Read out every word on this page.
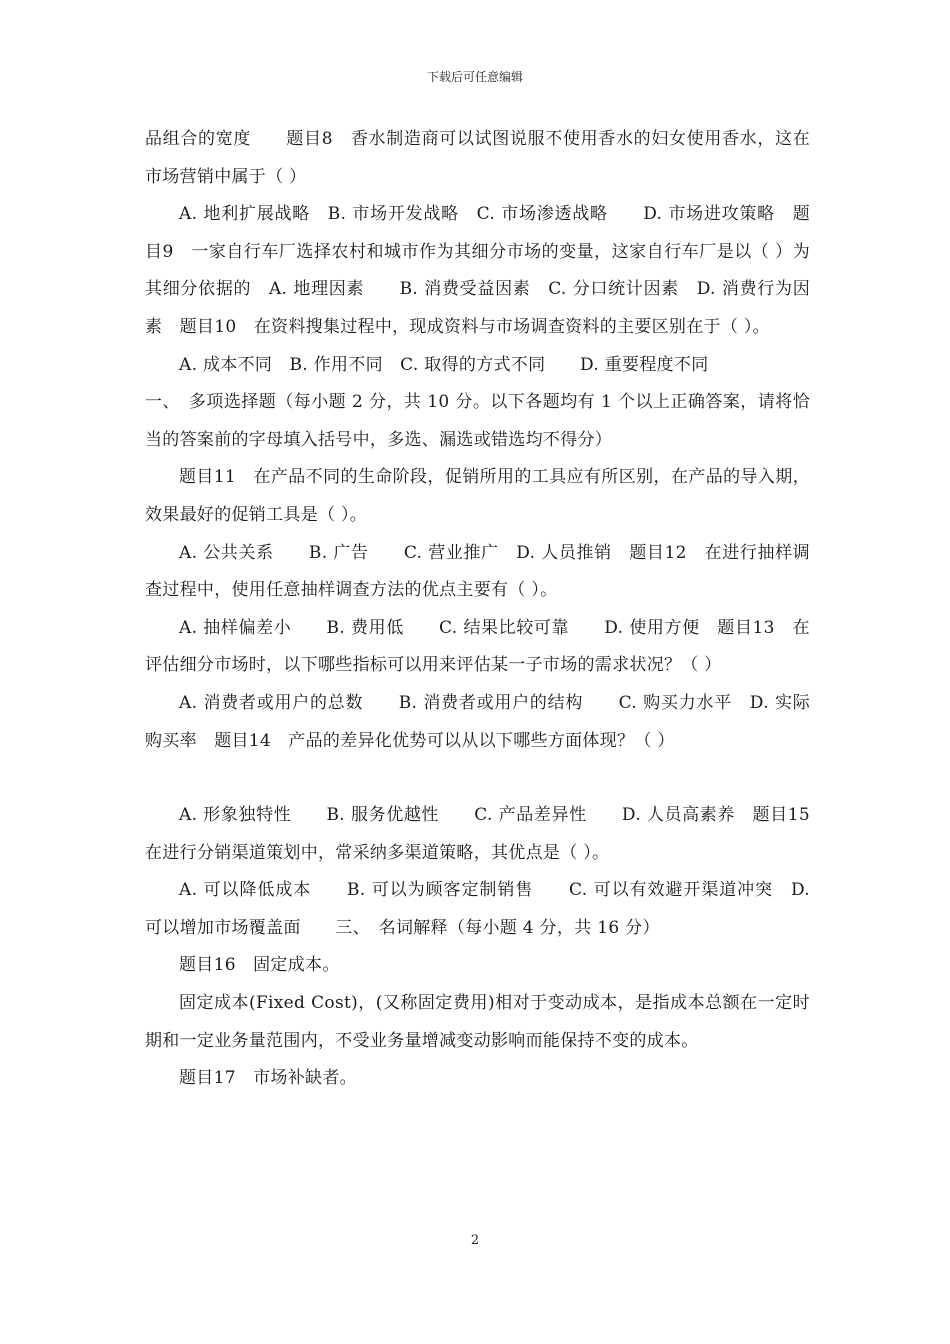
下载后可任意编辑

品组合的宽度　　题目8　香水制造商可以试图说服不使用香水的妇女使用香水，这在市场营销中属于（ ）

A. 地利扩展战略　B. 市场开发战略　C. 市场渗透战略　　D. 市场进攻策略　题目9　一家自行车厂选择农村和城市作为其细分市场的变量，这家自行车厂是以（ ）为其细分依据的　A. 地理因素　　B. 消费受益因素　C. 分口统计因素　D. 消费行为因素　题目10　在资料搜集过程中，现成资料与市场调查资料的主要区别在于（ ）。

A. 成本不同　B. 作用不同　C. 取得的方式不同　　D. 重要程度不同

一、　多项选择题（每小题 2 分，共 10 分。以下各题均有 1 个以上正确答案，请将恰当的答案前的字母填入括号中，多选、漏选或错选均不得分）

题目11　在产品不同的生命阶段，促销所用的工具应有所区别，在产品的导入期，效果最好的促销工具是（ ）。

A. 公共关系　　B. 广告　　C. 营业推广　D. 人员推销　题目12　在进行抽样调查过程中，使用任意抽样调查方法的优点主要有（ ）。

A. 抽样偏差小　　B. 费用低　　C. 结果比较可靠　　D. 使用方便　题目13　在评估细分市场时，以下哪些指标可以用来评估某一子市场的需求状况？（ ）

A. 消费者或用户的总数　　B. 消费者或用户的结构　　C. 购买力水平　D. 实际购买率　题目14　产品的差异化优势可以从以下哪些方面体现？（ ）

A. 形象独特性　　B. 服务优越性　　C. 产品差异性　　D. 人员高素养　题目15　在进行分销渠道策划中，常采纳多渠道策略，其优点是（ ）。

A. 可以降低成本　　B. 可以为顾客定制销售　　C. 可以有效避开渠道冲突　D. 可以增加市场覆盖面　　三、　名词解释（每小题 4 分，共 16 分）

题目16　固定成本。

固定成本(Fixed Cost)，(又称固定费用)相对于变动成本，是指成本总额在一定时期和一定业务量范围内，不受业务量增减变动影响而能保持不变的成本。

题目17　市场补缺者。

2
